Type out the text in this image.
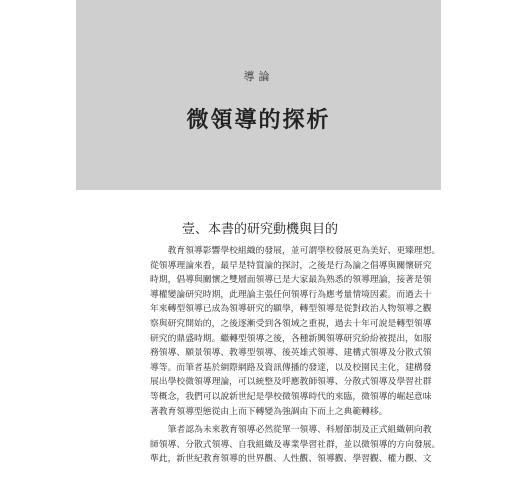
導論
微領導的探析
壹、本書的研究動機與目的
　　教育領導影響學校組織的發展，並可謂學校發展更為美好、更臻理想。
從領導理論來看，最早是特質論的探討，之後是行為論之倡導與關懷研究
時期，倡導與關懷之雙層面領導已是大家最為熟悉的領導理論，接著是領
導權變論研究時期，此理論主張任何領導行為應考量情境因素。而過去十
年來轉型領導已成為領導研究的顯學，轉型領導是從對政治人物領導之觀
察與研究開始的，之後逐漸受到各領域之重視，過去十年可說是轉型領導
研究的鼎盛時期。繼轉型領導之後，各種新興領導研究紛紛被提出，如服
務領導、願景領導、教導型領導、後英雄式領導、建構式領導及分散式領
導等。而筆者基於網際網路及資訊傳播的發達，以及校園民主化，建構發
展出學校微領導理論，可以統整及呼應教師領導、分散式領導及學習社群
等概念，我們可以說新世紀是學校微領導時代的來臨，微領導的崛起意味
著教育領導型態從由上而下轉變為強調由下而上之典範轉移。
　　筆者認為未來教育領導必然從單一領導、科層節制及正式組織朝向教
師領導、分散式領導、自我組織及專業學習社群，並以微領導的方向發展。
準此，新世紀教育領導的世界觀、人性觀、領導觀、學習觀、權力觀、文
